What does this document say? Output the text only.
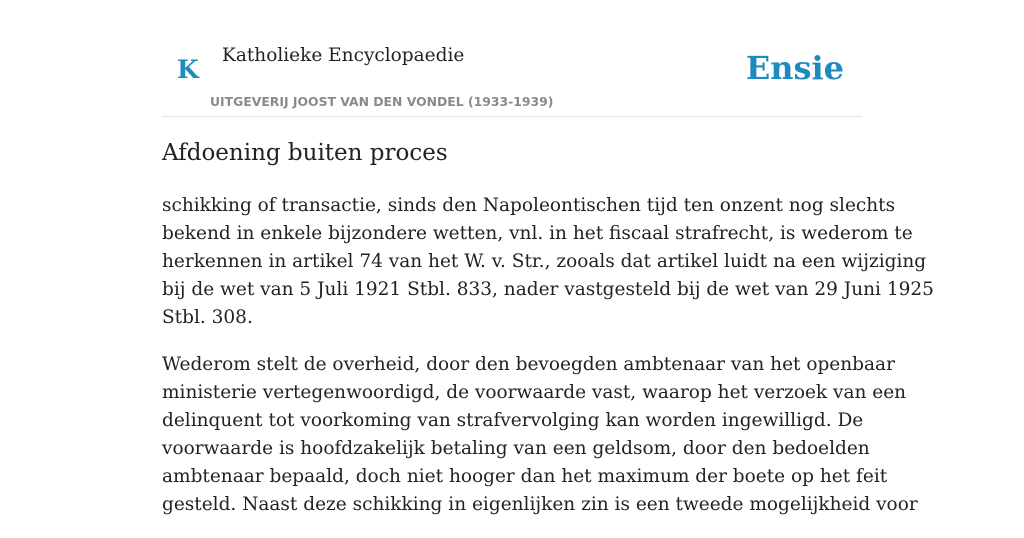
K Katholieke Encyclopaedie
UITGEVERIJ JOOST VAN DEN VONDEL (1933-1939)
Ensie
Afdoening buiten proces

schikking of transactie, sinds den Napoleontischen tijd ten onzent nog slechts
bekend in enkele bijzondere wetten, vnl. in het fiscaal strafrecht, is wederom te
herkennen in artikel 74 van het W. v. Str., zooals dat artikel luidt na een wijziging
bij de wet van 5 Juli 1921 Stbl. 833, nader vastgesteld bij de wet van 29 Juni 1925
Stbl. 308.

Wederom stelt de overheid, door den bevoegden ambtenaar van het openbaar
ministerie vertegenwoordigd, de voorwaarde vast, waarop het verzoek van een
delinquent tot voorkoming van strafvervolging kan worden ingewilligd. De
voorwaarde is hoofdzakelijk betaling van een geldsom, door den bedoelden
ambtenaar bepaald, doch niet hooger dan het maximum der boete op het feit
gesteld. Naast deze schikking in eigenlijken zin is een tweede mogelijkheid voor
